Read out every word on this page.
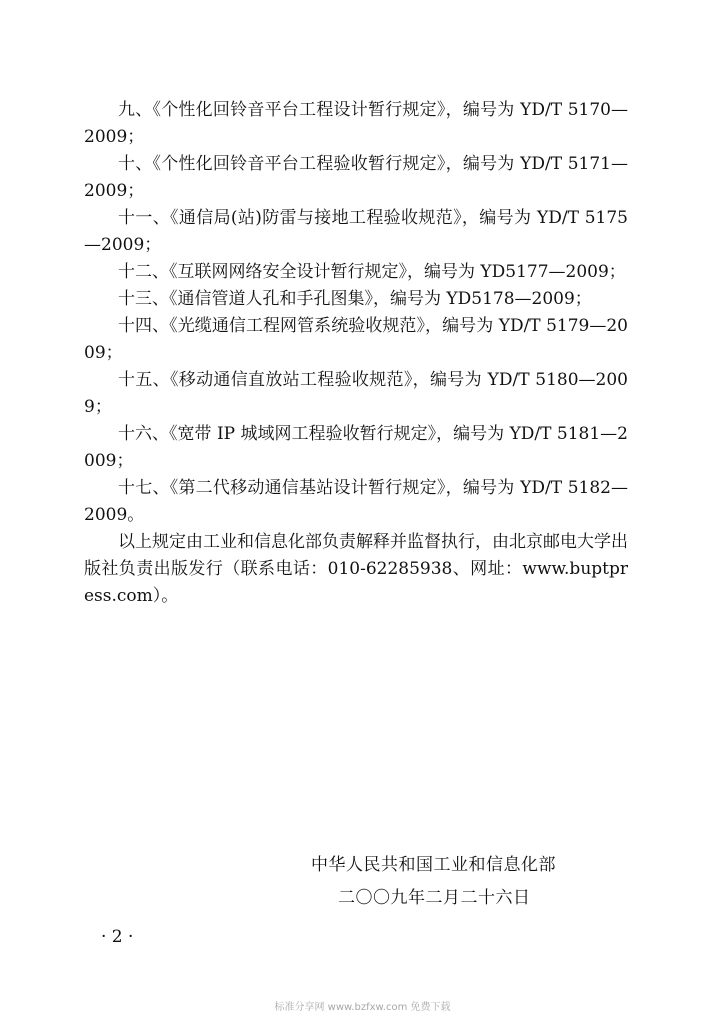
九、《个性化回铃音平台工程设计暂行规定》，编号为 YD/T 5170—2009；

十、《个性化回铃音平台工程验收暂行规定》，编号为 YD/T 5171—2009；

十一、《通信局(站)防雷与接地工程验收规范》，编号为 YD/T 5175—2009；

十二、《互联网网络安全设计暂行规定》，编号为 YD5177—2009；

十三、《通信管道人孔和手孔图集》，编号为 YD5178—2009；

十四、《光缆通信工程网管系统验收规范》，编号为 YD/T 5179—2009；

十五、《移动通信直放站工程验收规范》，编号为 YD/T 5180—2009；

十六、《宽带 IP 城域网工程验收暂行规定》，编号为 YD/T 5181—2009；

十七、《第二代移动通信基站设计暂行规定》，编号为 YD/T 5182—2009。

以上规定由工业和信息化部负责解释并监督执行，由北京邮电大学出版社负责出版发行（联系电话：010-62285938、网址：www.buptpress.com）。

中华人民共和国工业和信息化部
二〇〇九年二月二十六日
· 2 ·
标准分享网 www.bzfxw.com 免费下载
